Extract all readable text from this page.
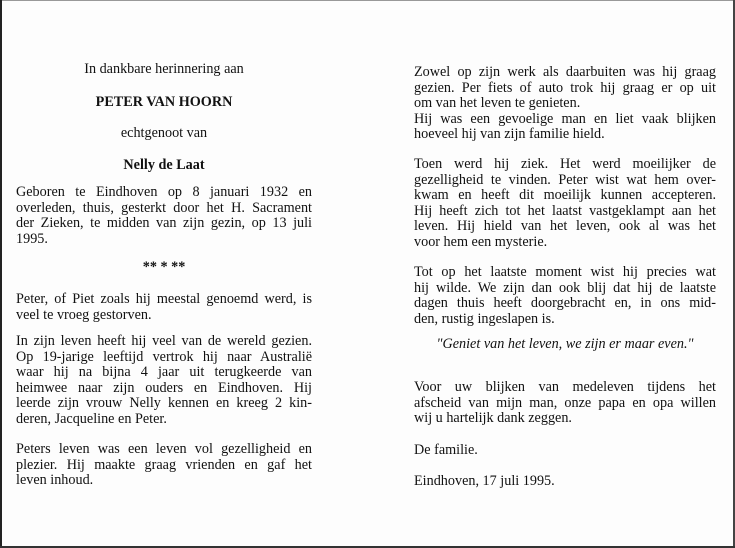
In dankbare herinnering aan

PETER VAN HOORN

echtgenoot van

Nelly de Laat

Geboren te Eindhoven op 8 januari 1932 en
overleden, thuis, gesterkt door het H. Sacrament
der Zieken, te midden van zijn gezin, op 13 juli
1995.

** * **

Peter, of Piet zoals hij meestal genoemd werd, is
veel te vroeg gestorven.
In zijn leven heeft hij veel van de wereld gezien.
Op 19-jarige leeftijd vertrok hij naar Australië
waar hij na bijna 4 jaar uit terugkeerde van
heimwee naar zijn ouders en Eindhoven. Hij
leerde zijn vrouw Nelly kennen en kreeg 2 kin-
deren, Jacqueline en Peter.
Peters leven was een leven vol gezelligheid en
plezier. Hij maakte graag vrienden en gaf het
leven inhoud.
Zowel op zijn werk als daarbuiten was hij graag
gezien. Per fiets of auto trok hij graag er op uit
om van het leven te genieten.
Hij was een gevoelige man en liet vaak blijken
hoeveel hij van zijn familie hield.
Toen werd hij ziek. Het werd moeilijker de
gezelligheid te vinden. Peter wist wat hem over-
kwam en heeft dit moeilijk kunnen accepteren.
Hij heeft zich tot het laatst vastgeklampt aan het
leven. Hij hield van het leven, ook al was het
voor hem een mysterie.
Tot op het laatste moment wist hij precies wat
hij wilde. We zijn dan ook blij dat hij de laatste
dagen thuis heeft doorgebracht en, in ons mid-
den, rustig ingeslapen is.

"Geniet van het leven, we zijn er maar even."

Voor uw blijken van medeleven tijdens het
afscheid van mijn man, onze papa en opa willen
wij u hartelijk dank zeggen.

De familie.

Eindhoven, 17 juli 1995.
